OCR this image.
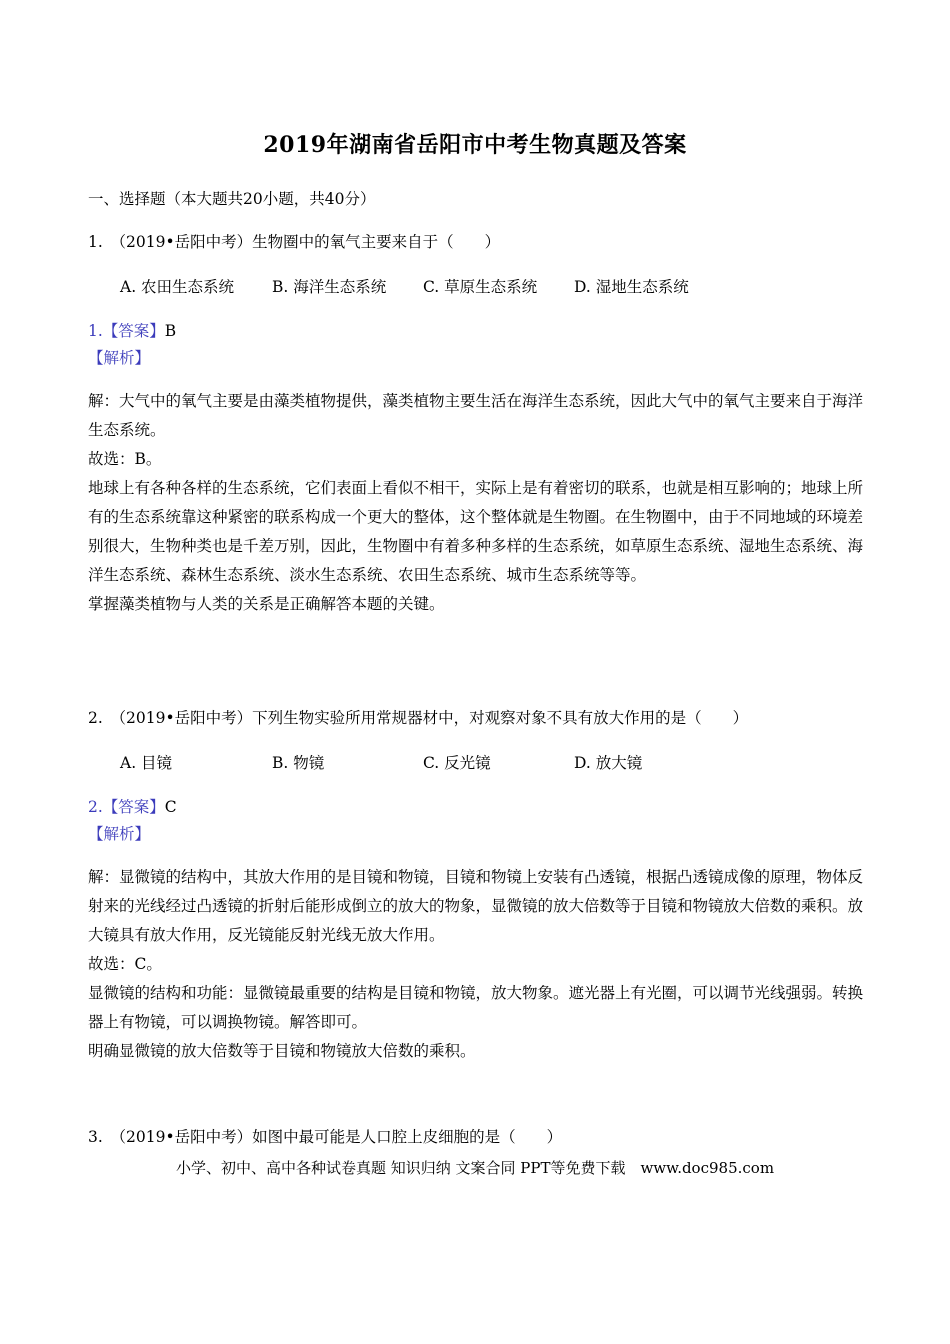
2019年湖南省岳阳市中考生物真题及答案
一、选择题（本大题共20小题，共40分）
1.　（2019•岳阳中考）生物圈中的氧气主要来自于（　　）
A. 农田生态系统 B. 海洋生态系统 C. 草原生态系统 D. 湿地生态系统
1.【答案】B
【解析】

解：大气中的氧气主要是由藻类植物提供，藻类植物主要生活在海洋生态系统，因此大气中的氧气主要来自于海洋生态系统。

故选：B。

地球上有各种各样的生态系统，它们表面上看似不相干，实际上是有着密切的联系，也就是相互影响的；地球上所有的生态系统靠这种紧密的联系构成一个更大的整体，这个整体就是生物圈。在生物圈中，由于不同地域的环境差别很大，生物种类也是千差万别，因此，生物圈中有着多种多样的生态系统，如草原生态系统、湿地生态系统、海洋生态系统、森林生态系统、淡水生态系统、农田生态系统、城市生态系统等等。

掌握藻类植物与人类的关系是正确解答本题的关键。

2.　（2019•岳阳中考）下列生物实验所用常规器材中，对观察对象不具有放大作用的是（　　）
A. 目镜	B. 物镜	C. 反光镜	D. 放大镜
2.【答案】C
【解析】

解：显微镜的结构中，其放大作用的是目镜和物镜，目镜和物镜上安装有凸透镜，根据凸透镜成像的原理，物体反射来的光线经过凸透镜的折射后能形成倒立的放大的物象，显微镜的放大倍数等于目镜和物镜放大倍数的乘积。放大镜具有放大作用，反光镜能反射光线无放大作用。

故选：C。

显微镜的结构和功能：显微镜最重要的结构是目镜和物镜，放大物象。遮光器上有光圈，可以调节光线强弱。转换器上有物镜，可以调换物镜。解答即可。

明确显微镜的放大倍数等于目镜和物镜放大倍数的乘积。

3.　（2019•岳阳中考）如图中最可能是人口腔上皮细胞的是（　　）
小学、初中、高中各种试卷真题 知识归纳 文案合同 PPT等免费下载　www.doc985.com
